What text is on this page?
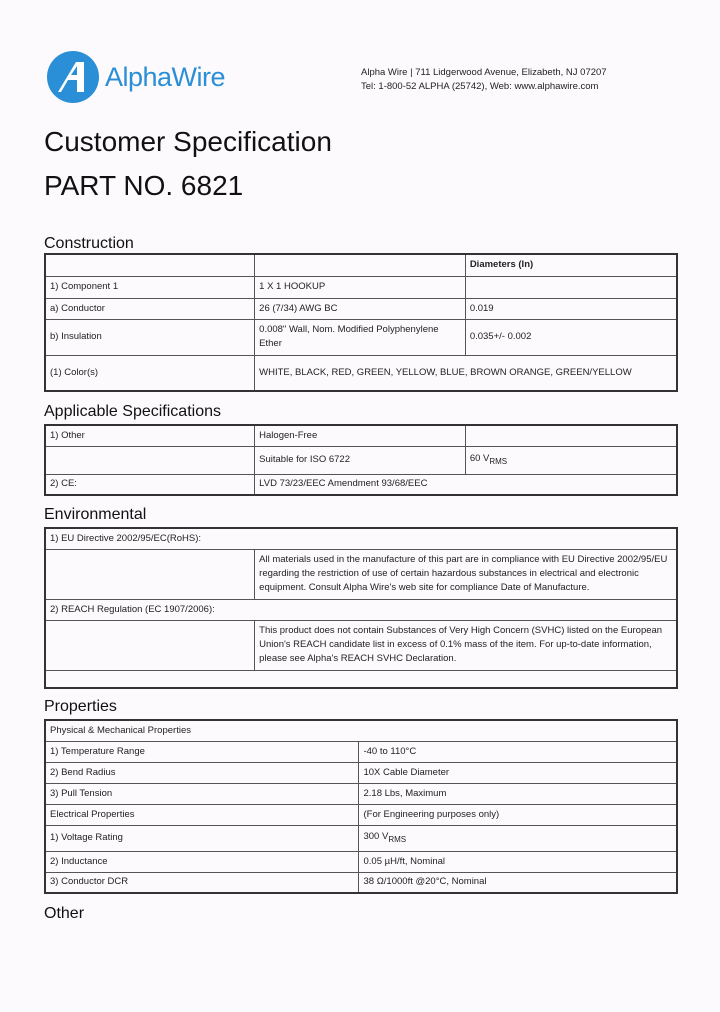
AlphaWire	Alpha Wire | 711 Lidgerwood Avenue, Elizabeth, NJ 07207
Tel: 1-800-52 ALPHA (25742), Web: www.alphawire.com
Customer Specification
PART NO. 6821
Construction
		Diameters (In)
1) Component 1	1 X 1 HOOKUP	
a) Conductor	26 (7/34) AWG BC	0.019
b) Insulation	0.008" Wall, Nom. Modified Polyphenylene Ether	0.035+/- 0.002
(1) Color(s)	WHITE, BLACK, RED, GREEN, YELLOW, BLUE, BROWN ORANGE, GREEN/YELLOW	
Applicable Specifications
1) Other	Halogen-Free	
	Suitable for ISO 6722	60 $V_{RMS}$
2) CE:	LVD 73/23/EEC Amendment 93/68/EEC	
Environmental
1) EU Directive 2002/95/EC(RoHS):	
	All materials used in the manufacture of this part are in compliance with EU Directive 2002/95/EU regarding the restriction of use of certain hazardous substances in electrical and electronic equipment. Consult Alpha Wire's web site for compliance Date of Manufacture.
2) REACH Regulation (EC 1907/2006):	
	This product does not contain Substances of Very High Concern (SVHC) listed on the European Union's REACH candidate list in excess of 0.1% mass of the item. For up-to-date information, please see Alpha's REACH SVHC Declaration.

Properties
Physical & Mechanical Properties	
1) Temperature Range	-40 to 110°C
2) Bend Radius	10X Cable Diameter
3) Pull Tension	2.18 Lbs, Maximum
Electrical Properties	(For Engineering purposes only)
1) Voltage Rating	300 $V_{RMS}$
2) Inductance	0.05 µH/ft, Nominal
3) Conductor DCR	38 Ω/1000ft @20°C, Nominal
Other
